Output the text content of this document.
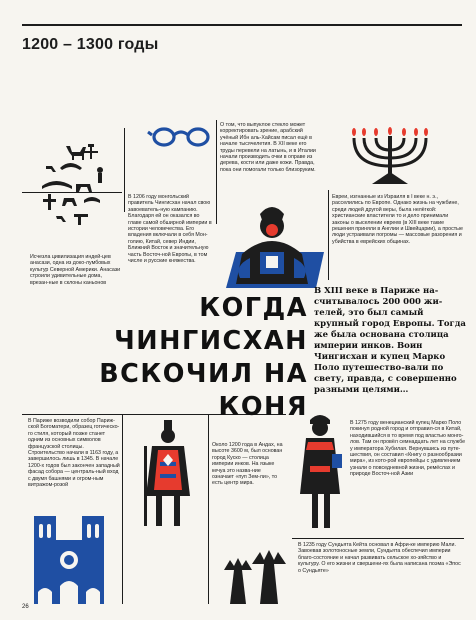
1200 – 1300 годы
Исчезла цивилизация индей-цев анасази, одна из доко-лумбовых культур Северной Америки. Анасази строили удивительные дома, врезан-ные в склоны каньонов
О том, что выпуклое стекло может корректировать зрение, арабский учёный Ибн аль-Хайсам писал ещё в начале тысячелетия. В XII веке его труды перевели на латынь, и в Италии начали производить очки в оправе из дерева, кости или даже кожи. Правда, пока они помогали только близоруким.
В 1206 году монгольский правитель Чингисхан начал свою завоеватель-ную кампанию. Благодаря ей он оказался во главе самой обширной империи в истории человечества. Его владения включали в себя Мон-голию, Китай, север Индии, Ближний Восток и значительную часть Восточ-ной Европы, в том числе и русские княжества.
Евреи, изгнанные из Израиля в I веке н. э., расселились по Европе. Однако жизнь на чужбине, среди людей другой веры, была нелёгкой: христианские властители то и дело принимали законы о выселении евреев (в XIII веке такие решения приняли в Англии и Швейцарии), а простые люди устраивали погромы — массовые разорения и убийства в еврейских общинах.
КОГДА
ЧИНГИСХАН
ВСКОЧИЛ НА КОНЯ
В XIII веке в Париже на-считывалось 200 000 жи-телей, это был самый крупный город Европы. Тогда же была основана столица империи инков. Воин Чингисхан и купец Марко Поло путешество-вали по свету, правда, с совершенно разными целями…
В Париже возводили собор Париж-ской Богоматери, образец готическо-го стиля, который позже станет одним из основных символов французской столицы. Строительство начали в 1163 году, а завершилось лишь в 1345. В начале 1200-х годов был закончен западный фасад собора — централь-ный вход с двумя башнями и огром-ным витражом-розой
Около 1200 года в Андах, на высоте 3600 м, был основан город Куско — столица империи инков. На языке кечуа это назва-ние означает «пуп Зем-ли», то есть центр мира.
В 1275 году венецианский купец Марко Поло покинул родной город и отправил-ся в Китай, находившийся в то время под властью монго-лов. Там он провёл семнадцать лет на службе у императора Хубилая. Вернувшись из путе-шествия, он составил «Книгу о разнообразии мира», из кото-рой европейцы с удивлением узнали о повседневной жизни, ремёслах и природе Восточ-ной Азии
В 1235 году Сундьята Кейта основал в Афри-ке империю Мали. Завоевав золотоносные земли, Сундьята обеспечил империи благо-состояние и начал развивать сельское хо-зяйство и культуру. О его жизни и свершени-ях была написана поэма «Эпос о Сундьяте»
26
